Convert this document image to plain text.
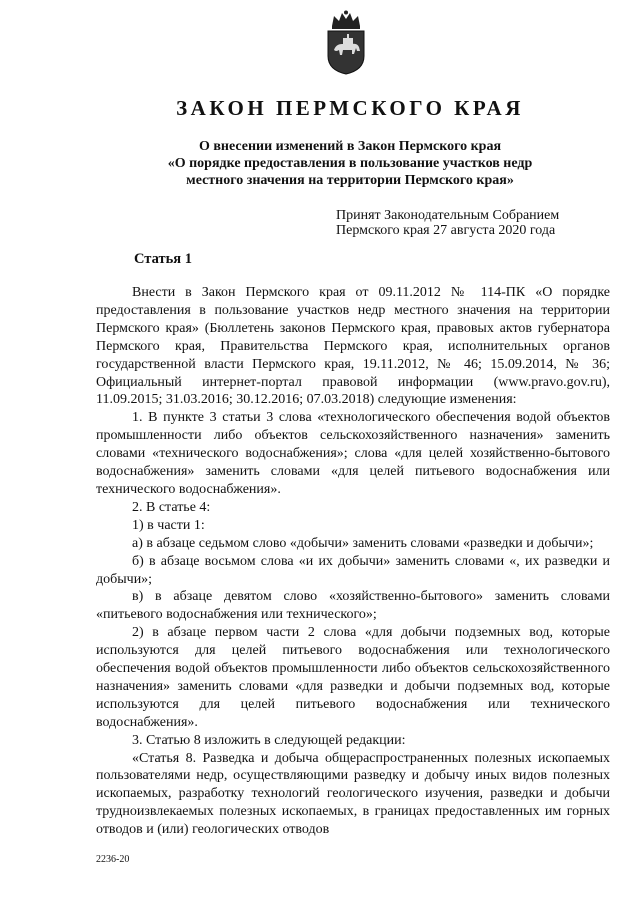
ЗАКОН ПЕРМСКОГО КРАЯ
О внесении изменений в Закон Пермского края
«О порядке предоставления в пользование участков недр
местного значения на территории Пермского края»
Принят Законодательным Собранием
Пермского края 27 августа 2020 года
Статья 1

Внести в Закон Пермского края от 09.11.2012 № 114-ПК «О порядке предоставления в пользование участков недр местного значения на территории Пермского края» (Бюллетень законов Пермского края, правовых актов губернатора Пермского края, Правительства Пермского края, исполнительных органов государственной власти Пермского края, 19.11.2012, № 46; 15.09.2014, № 36; Официальный интернет-портал правовой информации (www.pravo.gov.ru), 11.09.2015; 31.03.2016; 30.12.2016; 07.03.2018) следующие изменения:

1. В пункте 3 статьи 3 слова «технологического обеспечения водой объектов промышленности либо объектов сельскохозяйственного назначения» заменить словами «технического водоснабжения»; слова «для целей хозяйственно-бытового водоснабжения» заменить словами «для целей питьевого водоснабжения или технического водоснабжения».

2. В статье 4:

1) в части 1:

а) в абзаце седьмом слово «добычи» заменить словами «разведки и добычи»;

б) в абзаце восьмом слова «и их добычи» заменить словами «, их разведки и добычи»;

в) в абзаце девятом слово «хозяйственно-бытового» заменить словами «питьевого водоснабжения или технического»;

2) в абзаце первом части 2 слова «для добычи подземных вод, которые используются для целей питьевого водоснабжения или технологического обеспечения водой объектов промышленности либо объектов сельскохозяйственного назначения» заменить словами «для разведки и добычи подземных вод, которые используются для целей питьевого водоснабжения или технического водоснабжения».

3. Статью 8 изложить в следующей редакции:

«Статья 8. Разведка и добыча общераспространенных полезных ископаемых пользователями недр, осуществляющими разведку и добычу иных видов полезных ископаемых, разработку технологий геологического изучения, разведки и добычи трудноизвлекаемых полезных ископаемых, в границах предоставленных им горных отводов и (или) геологических отводов

2236-20
